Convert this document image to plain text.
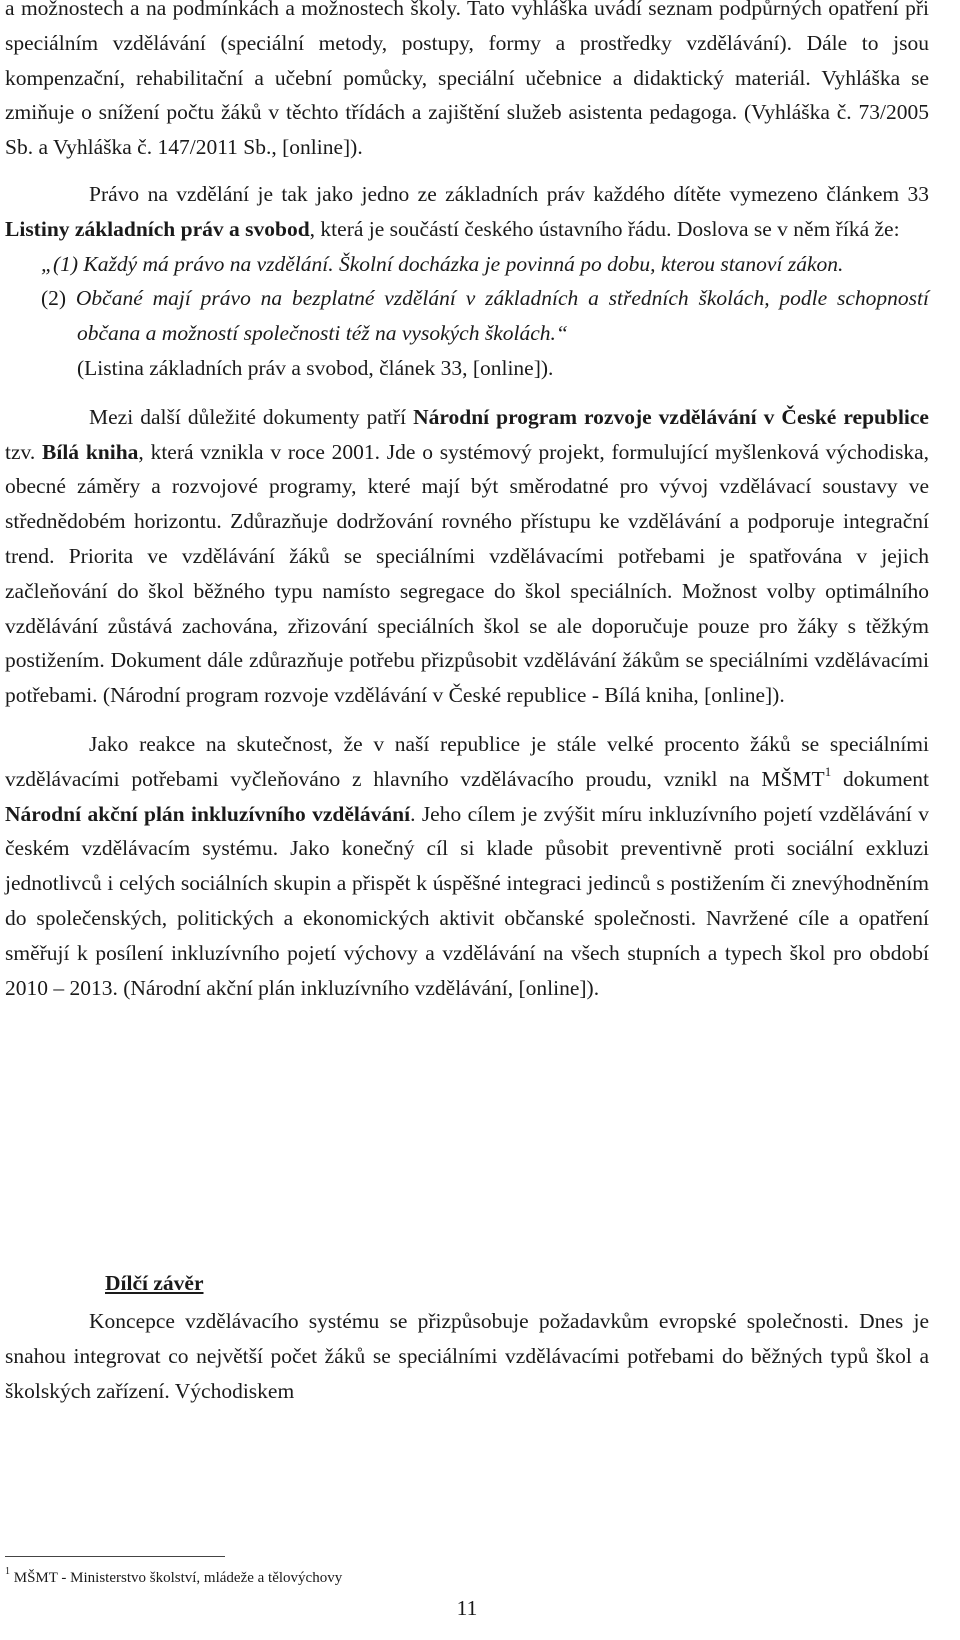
a možnostech a na podmínkách a možnostech školy. Tato vyhláška uvádí seznam podpůrných opatření při speciálním vzdělávání (speciální metody, postupy, formy a prostředky vzdělávání). Dále to jsou kompenzační, rehabilitační a učební pomůcky, speciální učebnice a didaktický materiál. Vyhláška se zmiňuje o snížení počtu žáků v těchto třídách a zajištění služeb asistenta pedagoga. (Vyhláška č. 73/2005 Sb. a Vyhláška č. 147/2011 Sb., [online]).

Právo na vzdělání je tak jako jedno ze základních práv každého dítěte vymezeno článkem 33 Listiny základních práv a svobod, která je součástí českého ústavního řádu. Doslova se v něm říká že:

„(1) Každý má právo na vzdělání. Školní docházka je povinná po dobu, kterou stanoví zákon.
(2) Občané mají právo na bezplatné vzdělání v základních a středních školách, podle schopností občana a možností společnosti též na vysokých školách.“
(Listina základních práv a svobod, článek 33, [online]).

Mezi další důležité dokumenty patří Národní program rozvoje vzdělávání v České republice tzv. Bílá kniha, která vznikla v roce 2001. Jde o systémový projekt, formulující myšlenková východiska, obecné záměry a rozvojové programy, které mají být směrodatné pro vývoj vzdělávací soustavy ve střednědobém horizontu. Zdůrazňuje dodržování rovného přístupu ke vzdělávání a podporuje integrační trend. Priorita ve vzdělávání žáků se speciálními vzdělávacími potřebami je spatřována v jejich začleňování do škol běžného typu namísto segregace do škol speciálních. Možnost volby optimálního vzdělávání zůstává zachována, zřizování speciálních škol se ale doporučuje pouze pro žáky s těžkým postižením. Dokument dále zdůrazňuje potřebu přizpůsobit vzdělávání žákům se speciálními vzdělávacími potřebami. (Národní program rozvoje vzdělávání v České republice - Bílá kniha, [online]).

Jako reakce na skutečnost, že v naší republice je stále velké procento žáků se speciálními vzdělávacími potřebami vyčleňováno z hlavního vzdělávacího proudu, vznikl na MŠMT$^1$ dokument Národní akční plán inkluzívního vzdělávání. Jeho cílem je zvýšit míru inkluzívního pojetí vzdělávání v českém vzdělávacím systému. Jako konečný cíl si klade působit preventivně proti sociální exkluzi jednotlivců i celých sociálních skupin a přispět k úspěšné integraci jedinců s postižením či znevýhodněním do společenských, politických a ekonomických aktivit občanské společnosti. Navržené cíle a opatření směřují k posílení inkluzívního pojetí výchovy a vzdělávání na všech stupních a typech škol pro období 2010 – 2013. (Národní akční plán inkluzívního vzdělávání, [online]).

Dílčí závěr

Koncepce vzdělávacího systému se přizpůsobuje požadavkům evropské společnosti. Dnes je snahou integrovat co největší počet žáků se speciálními vzdělávacími potřebami do běžných typů škol a školských zařízení. Východiskem

$^1$ MŠMT - Ministerstvo školství, mládeže a tělovýchovy
11
